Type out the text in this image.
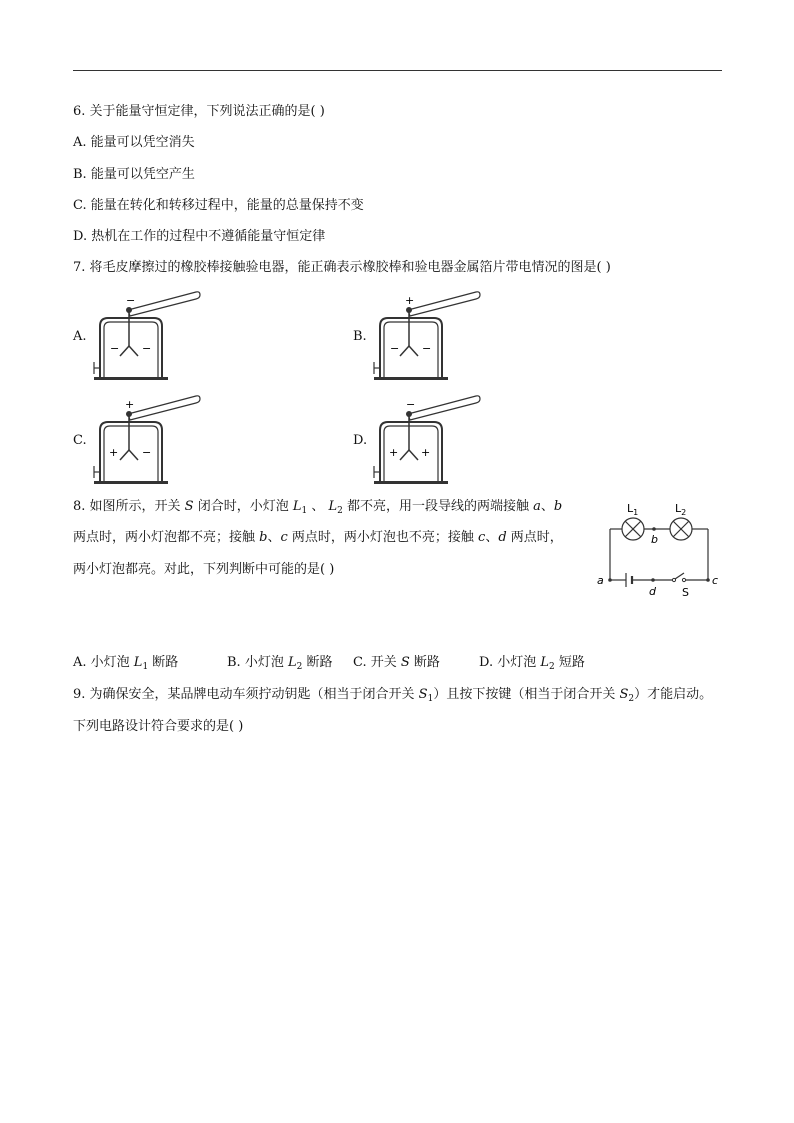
6. 关于能量守恒定律，下列说法正确的是( )
A. 能量可以凭空消失
B. 能量可以凭空产生
C. 能量在转化和转移过程中，能量的总量保持不变
D. 热机在工作的过程中不遵循能量守恒定律
7. 将毛皮摩擦过的橡胶棒接触验电器，能正确表示橡胶棒和验电器金属箔片带电情况的图是( )
A.	B.
C.	D.
−
− −
+
− −
+
+ −
−
+ +
8. 如图所示，开关 S 闭合时，小灯泡 $L_1$ 、 $L_2$ 都不亮，用一段导线的两端接触 a、b
两点时，两小灯泡都不亮；接触 b、c 两点时，两小灯泡也不亮；接触 c、d 两点时，
两小灯泡都亮。对此，下列判断中可能的是( )
$L_1$	$L_2$
b
a
d
c
S
A. 小灯泡 $L_1$ 断路	B. 小灯泡 $L_2$ 断路 C. 开关 S 断路	D. 小灯泡 $L_2$ 短路
9. 为确保安全，某品牌电动车须拧动钥匙（相当于闭合开关 $S_1$）且按下按键（相当于闭合开关 $S_2$）才能启动。
下列电路设计符合要求的是( )
